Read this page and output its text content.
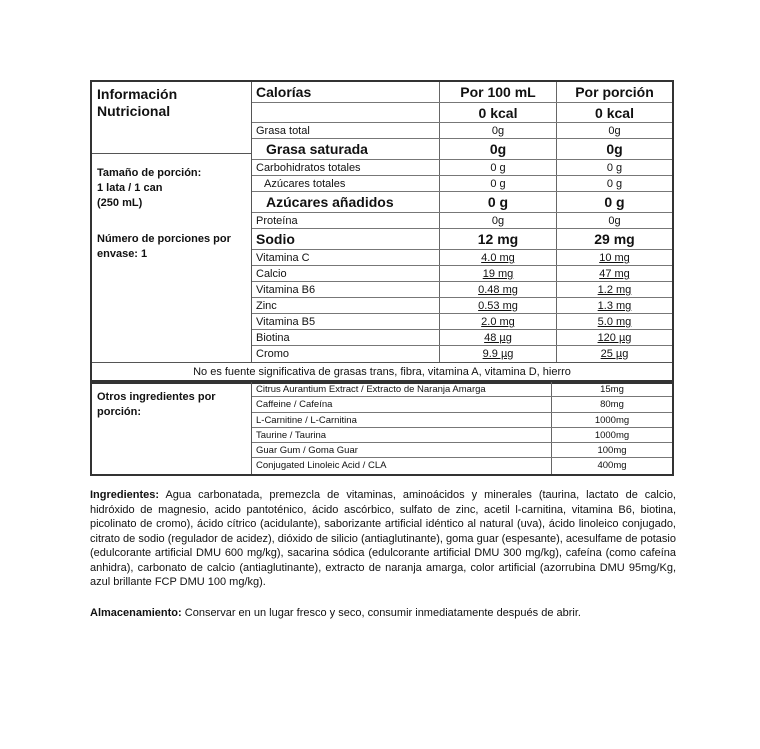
Información Nutricional
Tamaño de porción:
1 lata / 1 can
(250 mL)
Número de porciones por envase: 1
Calorías	Por 100 mL	Por porción
0 kcal	0 kcal
Grasa total	0g	0g
Grasa saturada	0g	0g
Carbohidratos totales	0 g	0 g
Azúcares totales	0 g	0 g
Azúcares añadidos	0 g	0 g
Proteína	0g	0g
Sodio	12 mg	29 mg
Vitamina C	4.0 mg	10 mg
Calcio	19 mg	47 mg
Vitamina B6	0.48 mg	1.2 mg
Zinc	0.53 mg	1.3 mg
Vitamina B5	2.0 mg	5.0 mg
Biotina	48 µg	120 µg
Cromo	9.9 µg	25 µg
No es fuente significativa de grasas trans, fibra, vitamina A, vitamina D, hierro
Otros ingredientes por porción:
Citrus Aurantium Extract / Extracto de Naranja Amarga	15mg
Caffeine / Cafeína	80mg
L-Carnitine / L-Carnitina	1000mg
Taurine / Taurina	1000mg
Guar Gum / Goma Guar	100mg
Conjugated Linoleic Acid / CLA	400mg
Ingredientes: Agua carbonatada, premezcla de vitaminas, aminoácidos y minerales (taurina, lactato de calcio, hidróxido de magnesio, acido pantoténico, ácido ascórbico, sulfato de zinc, acetil l-carnitina, vitamina B6, biotina, picolinato de cromo), ácido cítrico (acidulante), saborizante artificial idéntico al natural (uva), ácido linoleico conjugado, citrato de sodio (regulador de acidez), dióxido de silicio (antiaglutinante), goma guar (espesante), acesulfame de potasio (edulcorante artificial DMU 600 mg/kg), sacarina sódica (edulcorante artificial DMU 300 mg/kg), cafeína (como cafeína anhidra), carbonato de calcio (antiaglutinante), extracto de naranja amarga, color artificial (azorrubina DMU 95mg/Kg, azul brillante FCP DMU 100 mg/kg).
Almacenamiento: Conservar en un lugar fresco y seco, consumir inmediatamente después de abrir.
